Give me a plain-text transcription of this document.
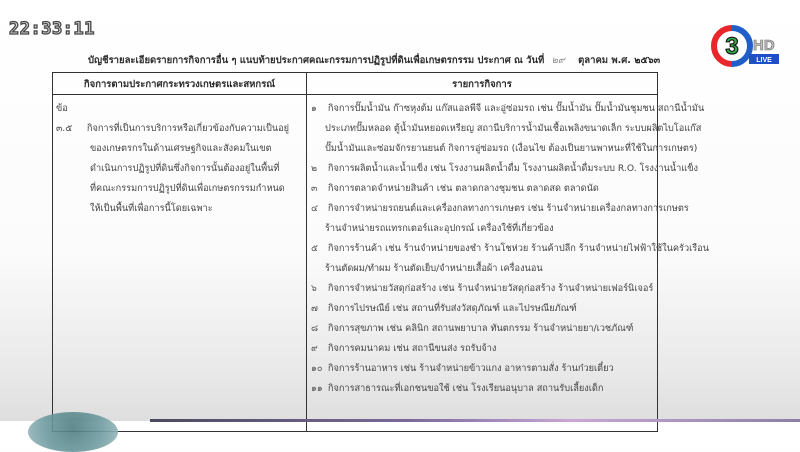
22:33:11
3 HD
LIVE
บัญชีรายละเอียดรายการกิจการอื่น ๆ แนบท้ายประกาศคณะกรรมการปฏิรูปที่ดินเพื่อเกษตรกรรม ประกาศ ณ วันที่ ๒๙ ตุลาคม พ.ศ. ๒๕๖๓
กิจการตามประกาศกระทรวงเกษตรและสหกรณ์	รายการกิจการ
ข้อ ๓.๕ กิจการที่เป็นการบริการหรือเกี่ยวข้องกับความเป็นอยู่
ของเกษตรกรในด้านเศรษฐกิจและสังคมในเขต
ดำเนินการปฏิรูปที่ดินซึ่งกิจการนั้นต้องอยู่ในพื้นที่
ที่คณะกรรมการปฏิรูปที่ดินเพื่อเกษตรกรรมกำหนด
ให้เป็นพื้นที่เพื่อการนี้โดยเฉพาะ
๑ กิจการปั๊มน้ำมัน ก๊าซหุงต้ม แก๊สแอลพีจี และอู่ซ่อมรถ เช่น ปั๊มน้ำมัน ปั๊มน้ำมันชุมชน สถานีน้ำมัน
ประเภทปั๊มหลอด ตู้น้ำมันหยอดเหรียญ สถานีบริการน้ำมันเชื้อเพลิงขนาดเล็ก ระบบผลิตไบโอแก๊ส
ปั๊มน้ำมันและซ่อมจักรยานยนต์ กิจการอู่ซ่อมรถ (เงื่อนไข ต้องเป็นยานพาหนะที่ใช้ในการเกษตร)
๒ กิจการผลิตน้ำและน้ำแข็ง เช่น โรงงานผลิตน้ำดื่ม โรงงานผลิตน้ำดื่มระบบ R.O. โรงงานน้ำแข็ง
๓ กิจการตลาดจำหน่ายสินค้า เช่น ตลาดกลางชุมชน ตลาดสด ตลาดนัด
๔ กิจการจำหน่ายรถยนต์และเครื่องกลทางการเกษตร เช่น ร้านจำหน่ายเครื่องกลทางการเกษตร
ร้านจำหน่ายรถแทรกเตอร์และอุปกรณ์ เครื่องใช้ที่เกี่ยวข้อง
๕ กิจการร้านค้า เช่น ร้านจำหน่ายของชำ ร้านโชห่วย ร้านค้าปลีก ร้านจำหน่ายไฟฟ้าใช้ในครัวเรือน
ร้านตัดผม/ทำผม ร้านตัดเย็บ/จำหน่ายเสื้อผ้า เครื่องนอน
๖ กิจการจำหน่ายวัสดุก่อสร้าง เช่น ร้านจำหน่ายวัสดุก่อสร้าง ร้านจำหน่ายเฟอร์นิเจอร์
๗ กิจการไปรษณีย์ เช่น สถานที่รับส่งวัสดุภัณฑ์ และไปรษณียภัณฑ์
๘ กิจการสุขภาพ เช่น คลินิก สถานพยาบาล ทันตกรรม ร้านจำหน่ายยา/เวชภัณฑ์
๙ กิจการคมนาคม เช่น สถานีขนส่ง รถรับจ้าง
๑๐ กิจการร้านอาหาร เช่น ร้านจำหน่ายข้าวแกง อาหารตามสั่ง ร้านก๋วยเตี๋ยว
๑๑ กิจการสาธารณะที่เอกชนขอใช้ เช่น โรงเรียนอนุบาล สถานรับเลี้ยงเด็ก
